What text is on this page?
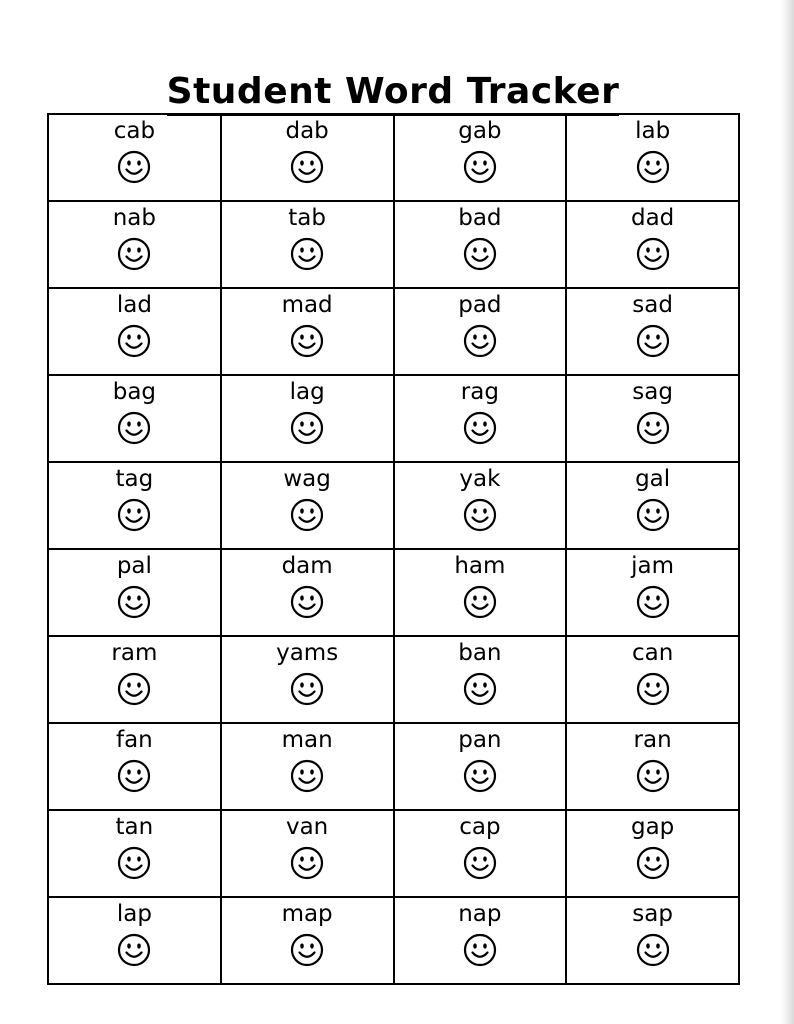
Student Word Tracker
cab	dab	gab	lab

nab	tab	bad	dad

lad	mad	pad	sad

bag	lag	rag	sag

tag	wag	yak	gal

pal	dam	ham	jam

ram	yams	ban	can

fan	man	pan	ran

tan	van	cap	gap

lap	map	nap	sap
